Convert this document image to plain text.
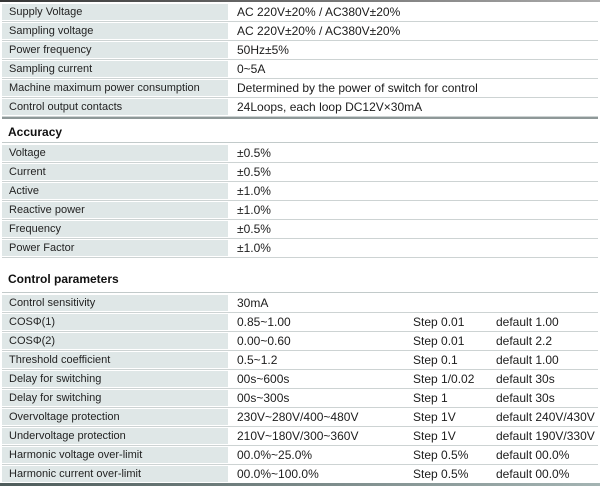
Supply Voltage	AC 220V±20% / AC380V±20%
Sampling voltage	AC 220V±20% / AC380V±20%
Power frequency	50Hz±5%
Sampling current	0~5A
Machine maximum power consumption	Determined by the power of switch for control
Control output contacts	24Loops, each loop DC12V×30mA
Accuracy
Voltage	±0.5%
Current	±0.5%
Active	±1.0%
Reactive power	±1.0%
Frequency	±0.5%
Power Factor	±1.0%
Control parameters
Control sensitivity	30mA
COSΦ(1)	0.85~1.00	Step 0.01	default 1.00
COSΦ(2)	0.00~0.60	Step 0.01	default 2.2
Threshold coefficient	0.5~1.2	Step 0.1	default 1.00
Delay for switching	00s~600s	Step 1/0.02	default 30s
Delay for switching	00s~300s	Step 1	default 30s
Overvoltage protection	230V~280V/400~480V	Step 1V	default 240V/430V
Undervoltage protection	210V~180V/300~360V	Step 1V	default 190V/330V
Harmonic voltage over-limit	00.0%~25.0%	Step 0.5%	default 00.0%
Harmonic current over-limit	00.0%~100.0%	Step 0.5%	default 00.0%
